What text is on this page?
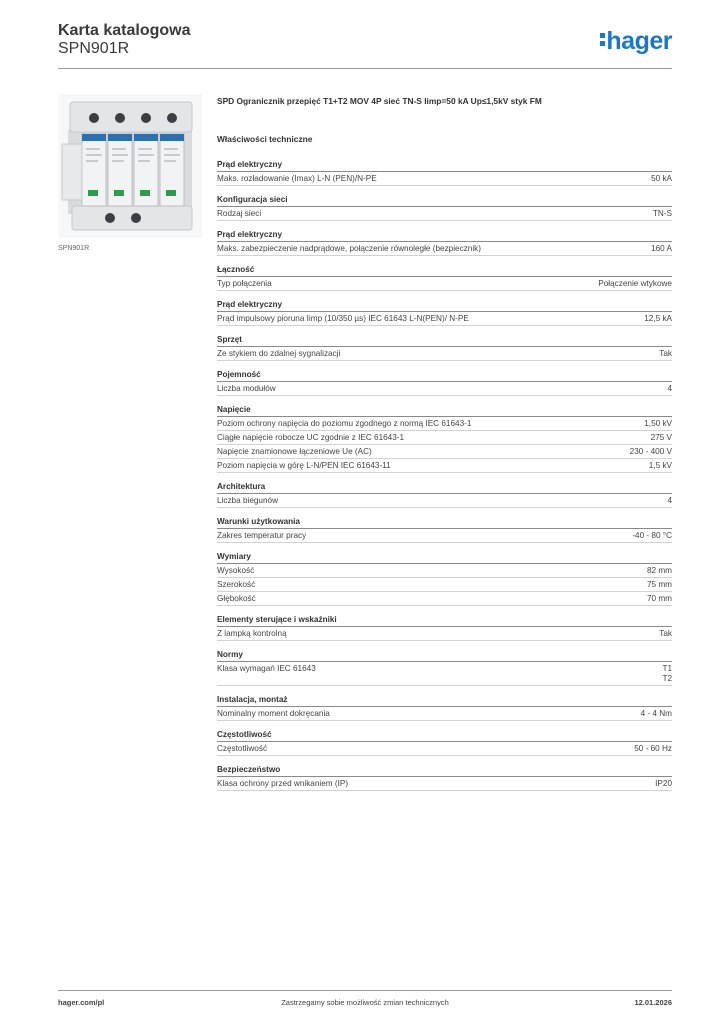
Karta katalogowa
SPN901R	hager
SPN901R
SPD Ogranicznik przepięć T1+T2 MOV 4P sieć TN-S Iimp=50 kA Up≤1,5kV styk FM
Właściwości techniczne
Prąd elektryczny
Maks. rozładowanie (Imax) L-N (PEN)/N-PE	50 kA
Konfiguracja sieci
Rodzaj sieci	TN-S
Prąd elektryczny
Maks. zabezpieczenie nadprądowe, połączenie równoległe (bezpiecznik)	160 A
Łączność
Typ połączenia	Połączenie wtykowe
Prąd elektryczny
Prąd impulsowy pioruna Iimp (10/350 µs) IEC 61643 L-N(PEN)/ N-PE	12,5 kA
Sprzęt
Ze stykiem do zdalnej sygnalizacji	Tak
Pojemność
Liczba modułów	4
Napięcie
Poziom ochrony napięcia do poziomu zgodnego z normą IEC 61643-1	1,50 kV
Ciągłe napięcie robocze UC zgodnie z IEC 61643-1	275 V
Napięcie znamionowe łączeniowe Ue (AC)	230 - 400 V
Poziom napięcia w górę L-N/PEN IEC 61643-11	1,5 kV
Architektura
Liczba biegunów	4
Warunki użytkowania
Zakres temperatur pracy	-40 - 80 °C
Wymiary
Wysokość	82 mm
Szerokość	75 mm
Głębokość	70 mm
Elementy sterujące i wskaźniki
Z lampką kontrolną	Tak
Normy
Klasa wymagań IEC 61643	T1
T2
Instalacja, montaż
Nominalny moment dokręcania	4 - 4 Nm
Częstotliwość
Częstotliwość	50 - 60 Hz
Bezpieczeństwo
Klasa ochrony przed wnikaniem (IP)	IP20
hager.com/pl	Zastrzegamy sobie możliwość zmian technicznych	12.01.2026
